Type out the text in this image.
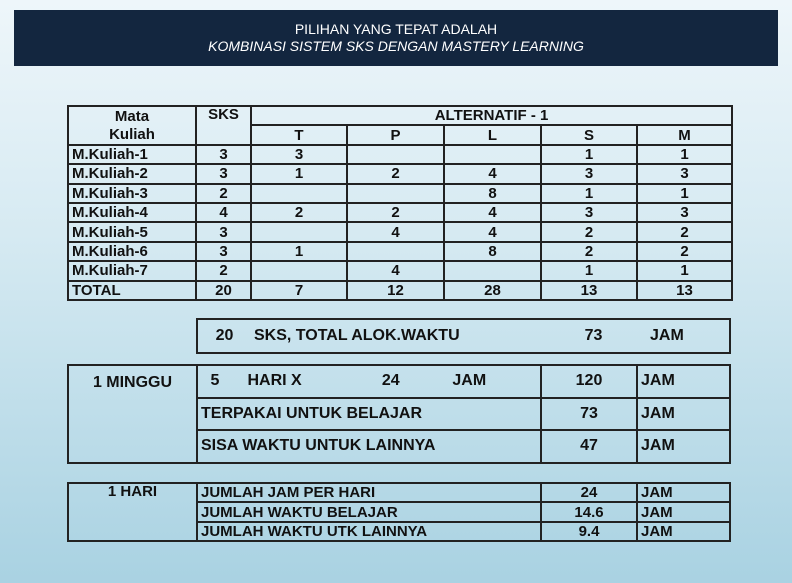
PILIHAN YANG TEPAT ADALAH
KOMBINASI SISTEM SKS DENGAN MASTERY LEARNING
Mata	SKS	ALTERNATIF - 1				
Kuliah		T	P	L	S	M
M.Kuliah-1	3	3			1	1
M.Kuliah-2	3	1	2	4	3	3
M.Kuliah-3	2			8	1	1
M.Kuliah-4	4	2	2	4	3	3
M.Kuliah-5	3		4	4	2	2
M.Kuliah-6	3	1		8	2	2
M.Kuliah-7	2		4		1	1
TOTAL	20	7	12	28	13	13
20	SKS, TOTAL ALOK.WAKTU	73	JAM
1 MINGGU	5 HARI X 24 JAM	120	JAM
	TERPAKAI UNTUK BELAJAR	73	JAM
	SISA WAKTU UNTUK LAINNYA	47	JAM
1 HARI	JUMLAH JAM PER HARI	24	JAM
	JUMLAH WAKTU BELAJAR	14.6	JAM
	JUMLAH WAKTU UTK LAINNYA	9.4	JAM
